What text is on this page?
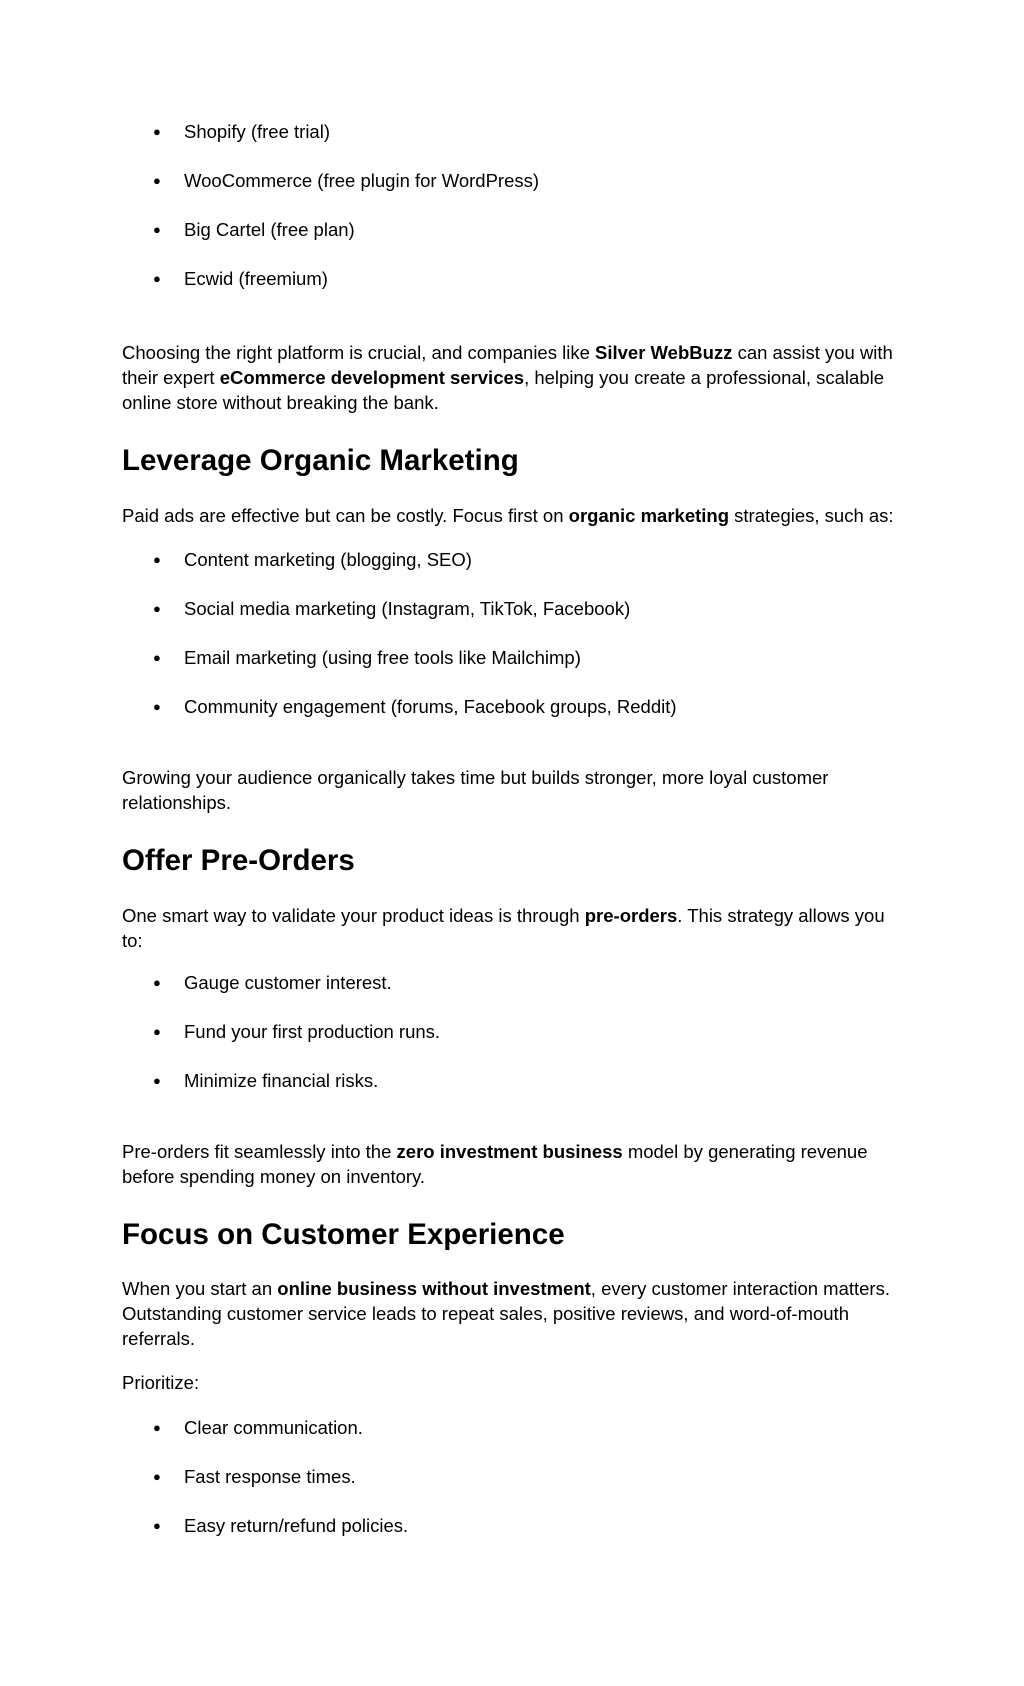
● Shopify (free trial)
● WooCommerce (free plugin for WordPress)
● Big Cartel (free plan)
● Ecwid (freemium)

Choosing the right platform is crucial, and companies like Silver WebBuzz can assist you with
their expert eCommerce development services, helping you create a professional, scalable
online store without breaking the bank.

Leverage Organic Marketing

Paid ads are effective but can be costly. Focus first on organic marketing strategies, such as:

● Content marketing (blogging, SEO)
● Social media marketing (Instagram, TikTok, Facebook)
● Email marketing (using free tools like Mailchimp)
● Community engagement (forums, Facebook groups, Reddit)

Growing your audience organically takes time but builds stronger, more loyal customer
relationships.

Offer Pre-Orders

One smart way to validate your product ideas is through pre-orders. This strategy allows you
to:

● Gauge customer interest.
● Fund your first production runs.
● Minimize financial risks.

Pre-orders fit seamlessly into the zero investment business model by generating revenue
before spending money on inventory.

Focus on Customer Experience

When you start an online business without investment, every customer interaction matters.
Outstanding customer service leads to repeat sales, positive reviews, and word-of-mouth
referrals.

Prioritize:

● Clear communication.
● Fast response times.
● Easy return/refund policies.
